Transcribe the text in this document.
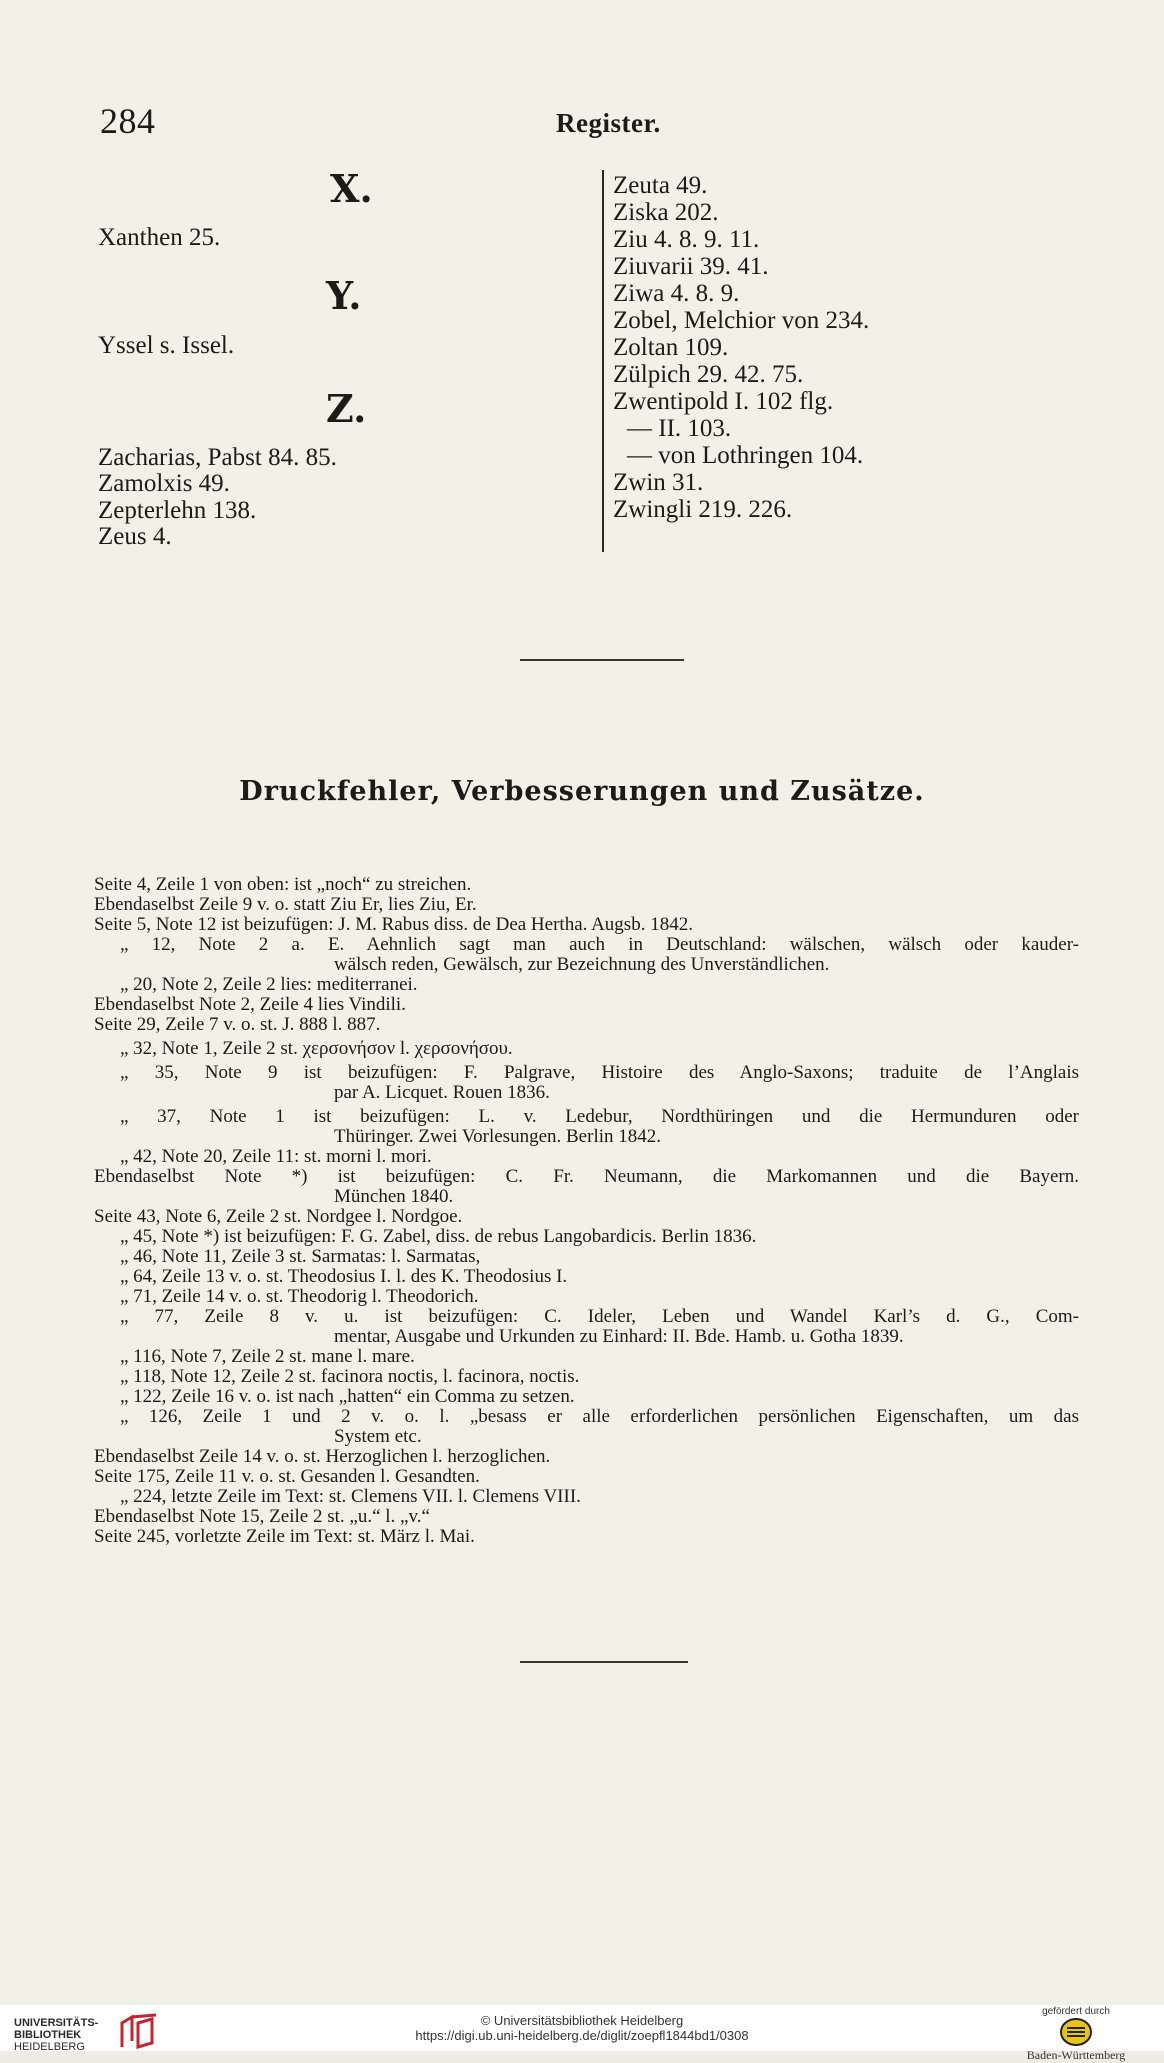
284	Register.
X.
Xanthen 25.
Y.
Yssel s. Issel.
Z.
Zacharias, Pabst 84. 85.
Zamolxis 49.
Zepterlehn 138.
Zeus 4.
Zeuta 49.
Ziska 202.
Ziu 4. 8. 9. 11.
Ziuvarii 39. 41.
Ziwa 4. 8. 9.
Zobel, Melchior von 234.
Zoltan 109.
Zülpich 29. 42. 75.
Zwentipold I. 102 flg.
— II. 103.
— von Lothringen 104.
Zwin 31.
Zwingli 219. 226.
Druckfehler, Verbesserungen und Zusätze.
Seite 4, Zeile 1 von oben: ist „noch“ zu streichen.
Ebendaselbst Zeile 9 v. o. statt Ziu Er, lies Ziu, Er.
Seite 5, Note 12 ist beizufügen: J. M. Rabus diss. de Dea Hertha. Augsb. 1842.
„ 12, Note 2 a. E. Aehnlich sagt man auch in Deutschland: wälschen, wälsch oder kauder-
wälsch reden, Gewälsch, zur Bezeichnung des Unverständlichen.
„ 20, Note 2, Zeile 2 lies: mediterranei.
Ebendaselbst Note 2, Zeile 4 lies Vindili.
Seite 29, Zeile 7 v. o. st. J. 888 l. 887.
„ 32, Note 1, Zeile 2 st. χερσονήσον l. χερσονήσου.
„ 35, Note 9 ist beizufügen: F. Palgrave, Histoire des Anglo-Saxons; traduite de l’Anglais
par A. Licquet. Rouen 1836.
„ 37, Note 1 ist beizufügen: L. v. Ledebur, Nordthüringen und die Hermunduren oder
Thüringer. Zwei Vorlesungen. Berlin 1842.
„ 42, Note 20, Zeile 11: st. morni l. mori.
Ebendaselbst Note *) ist beizufügen: C. Fr. Neumann, die Markomannen und die Bayern.
München 1840.
Seite 43, Note 6, Zeile 2 st. Nordgee l. Nordgoe.
„ 45, Note *) ist beizufügen: F. G. Zabel, diss. de rebus Langobardicis. Berlin 1836.
„ 46, Note 11, Zeile 3 st. Sarmatas: l. Sarmatas,
„ 64, Zeile 13 v. o. st. Theodosius I. l. des K. Theodosius I.
„ 71, Zeile 14 v. o. st. Theodorig l. Theodorich.
„ 77, Zeile 8 v. u. ist beizufügen: C. Ideler, Leben und Wandel Karl’s d. G., Com-
mentar, Ausgabe und Urkunden zu Einhard: II. Bde. Hamb. u. Gotha 1839.
„ 116, Note 7, Zeile 2 st. mane l. mare.
„ 118, Note 12, Zeile 2 st. facinora noctis, l. facinora, noctis.
„ 122, Zeile 16 v. o. ist nach „hatten“ ein Comma zu setzen.
„ 126, Zeile 1 und 2 v. o. l. „besass er alle erforderlichen persönlichen Eigenschaften, um das
System etc.
Ebendaselbst Zeile 14 v. o. st. Herzoglichen l. herzoglichen.
Seite 175, Zeile 11 v. o. st. Gesanden l. Gesandten.
„ 224, letzte Zeile im Text: st. Clemens VII. l. Clemens VIII.
Ebendaselbst Note 15, Zeile 2 st. „u.“ l. „v.“
Seite 245, vorletzte Zeile im Text: st. März l. Mai.
UNIVERSITÄTS-
BIBLIOTHEK
HEIDELBERG
© Universitätsbibliothek Heidelberg
https://digi.ub.uni-heidelberg.de/diglit/zoepfl1844bd1/0308
gefördert durch
Baden-Württemberg
